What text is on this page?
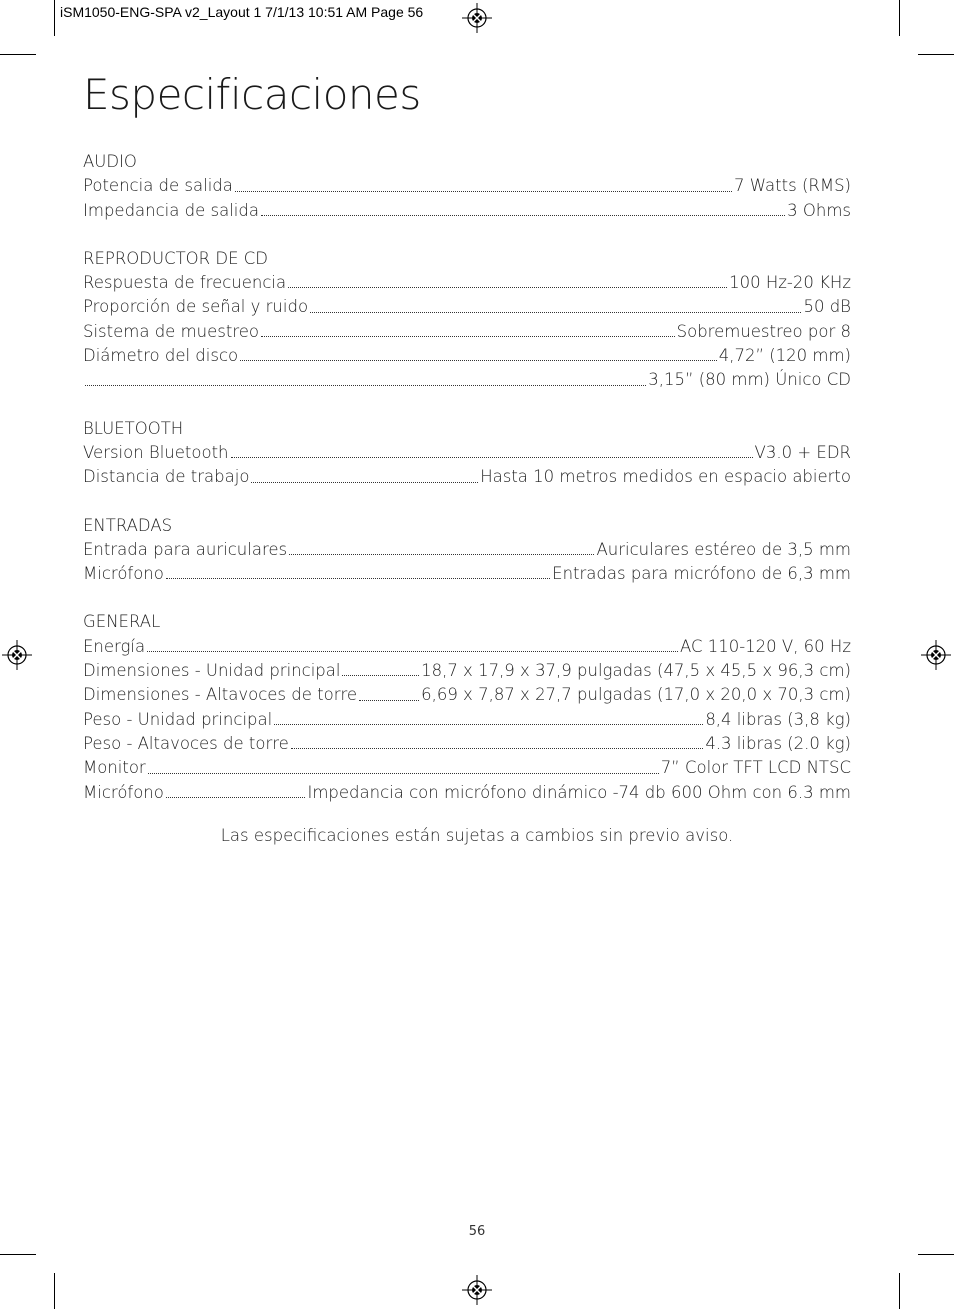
iSM1050-ENG-SPA v2_Layout 1 7/1/13 10:51 AM Page 56
Especificaciones
AUDIO
Potencia de salida	7 Watts (RMS)
Impedancia de salida	3 Ohms
REPRODUCTOR DE CD
Respuesta de frecuencia	100 Hz-20 KHz
Proporción de señal y ruido	50 dB
Sistema de muestreo	Sobremuestreo por 8
Diámetro del disco	4,72” (120 mm)
3,15” (80 mm) Único CD
BLUETOOTH
Version Bluetooth	V3.0 + EDR
Distancia de trabajo	Hasta 10 metros medidos en espacio abierto
ENTRADAS
Entrada para auriculares	Auriculares estéreo de 3,5 mm
Micrófono	Entradas para micrófono de 6,3 mm
GENERAL
Energía	AC 110-120 V, 60 Hz
Dimensiones - Unidad principal	18,7 x 17,9 x 37,9 pulgadas (47,5 x 45,5 x 96,3 cm)
Dimensiones - Altavoces de torre	6,69 x 7,87 x 27,7 pulgadas (17,0 x 20,0 x 70,3 cm)
Peso - Unidad principal	8,4 libras (3,8 kg)
Peso - Altavoces de torre	4.3 libras (2.0 kg)
Monitor	7” Color TFT LCD NTSC
Micrófono	Impedancia con micrófono dinámico -74 db 600 Ohm con 6.3 mm
Las especificaciones están sujetas a cambios sin previo aviso.
56
